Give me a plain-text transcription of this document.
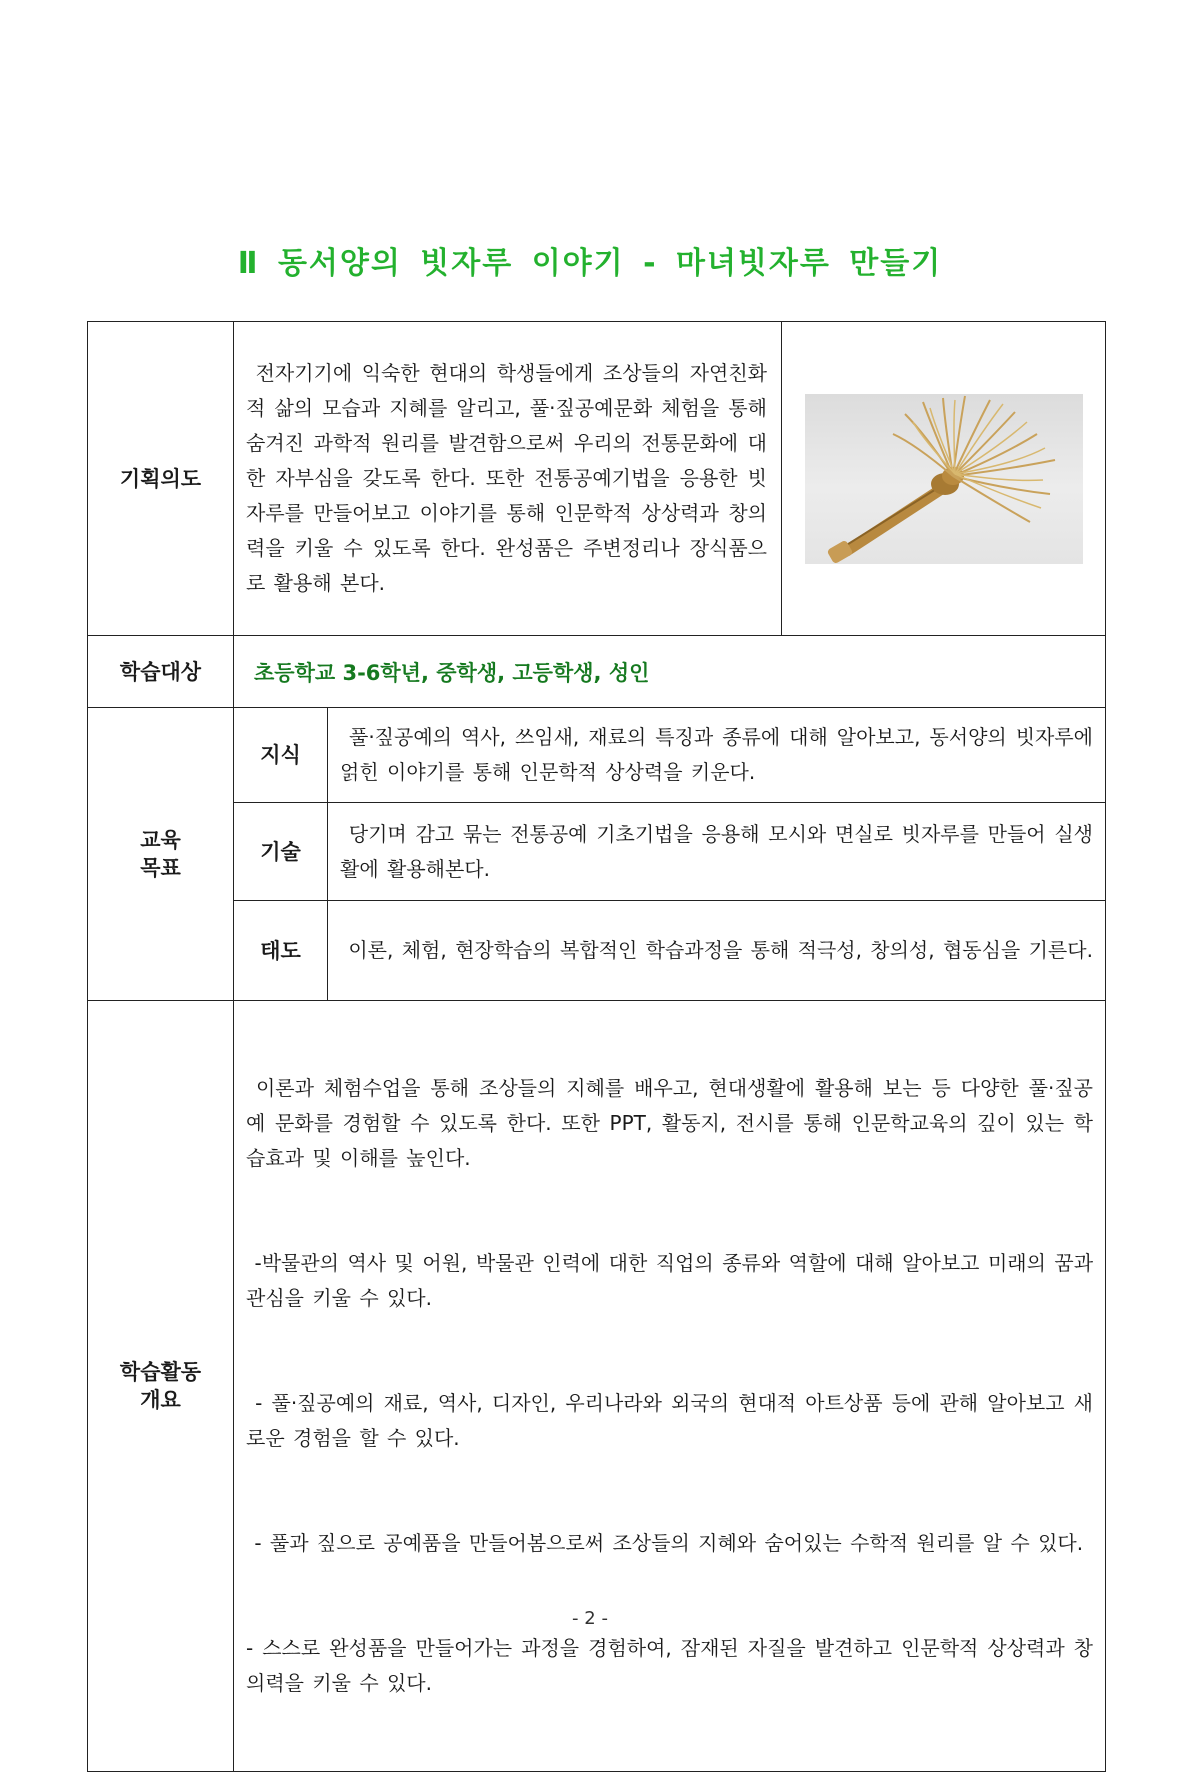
Ⅱ 동서양의 빗자루 이야기 - 마녀빗자루 만들기
기획의도	전자기기에 익숙한 현대의 학생들에게 조상들의 자연친화적 삶의 모습과 지혜를 알리고, 풀·짚공예문화 체험을 통해 숨겨진 과학적 원리를 발견함으로써 우리의 전통문화에 대한 자부심을 갖도록 한다. 또한 전통공예기법을 응용한 빗자루를 만들어보고 이야기를 통해 인문학적 상상력과 창의력을 키울 수 있도록 한다. 완성품은 주변정리나 장식품으로 활용해 본다.

학습대상	초등학교 3-6학년, 중학생, 고등학생, 성인		
교육
목표	지식	풀·짚공예의 역사, 쓰임새, 재료의 특징과 종류에 대해 알아보고, 동서양의 빗자루에 얽힌 이야기를 통해 인문학적 상상력을 키운다.	

	기술	당기며 감고 묶는 전통공예 기초기법을 응용해 모시와 면실로 빗자루를 만들어 실생활에 활용해본다.	

	태도	이론, 체험, 현장학습의 복합적인 학습과정을 통해 적극성, 창의성, 협동심을 기른다.	

학습활동
개요	이론과 체험수업을 통해 조상들의 지혜를 배우고, 현대생활에 활용해 보는 등 다양한 풀·짚공예 문화를 경험할 수 있도록 한다. 또한 PPT, 활동지, 전시를 통해 인문학교육의 깊이 있는 학습효과 및 이해를 높인다.

-박물관의 역사 및 어원, 박물관 인력에 대한 직업의 종류와 역할에 대해 알아보고 미래의 꿈과 관심을 키울 수 있다.

- 풀·짚공예의 재료, 역사, 디자인, 우리나라와 외국의 현대적 아트상품 등에 관해 알아보고 새로운 경험을 할 수 있다.

- 풀과 짚으로 공예품을 만들어봄으로써 조상들의 지혜와 숨어있는 수학적 원리를 알 수 있다.

- 스스로 완성품을 만들어가는 과정을 경험하여, 잠재된 자질을 발견하고 인문학적 상상력과 창의력을 키울 수 있다.		

- 2 -
